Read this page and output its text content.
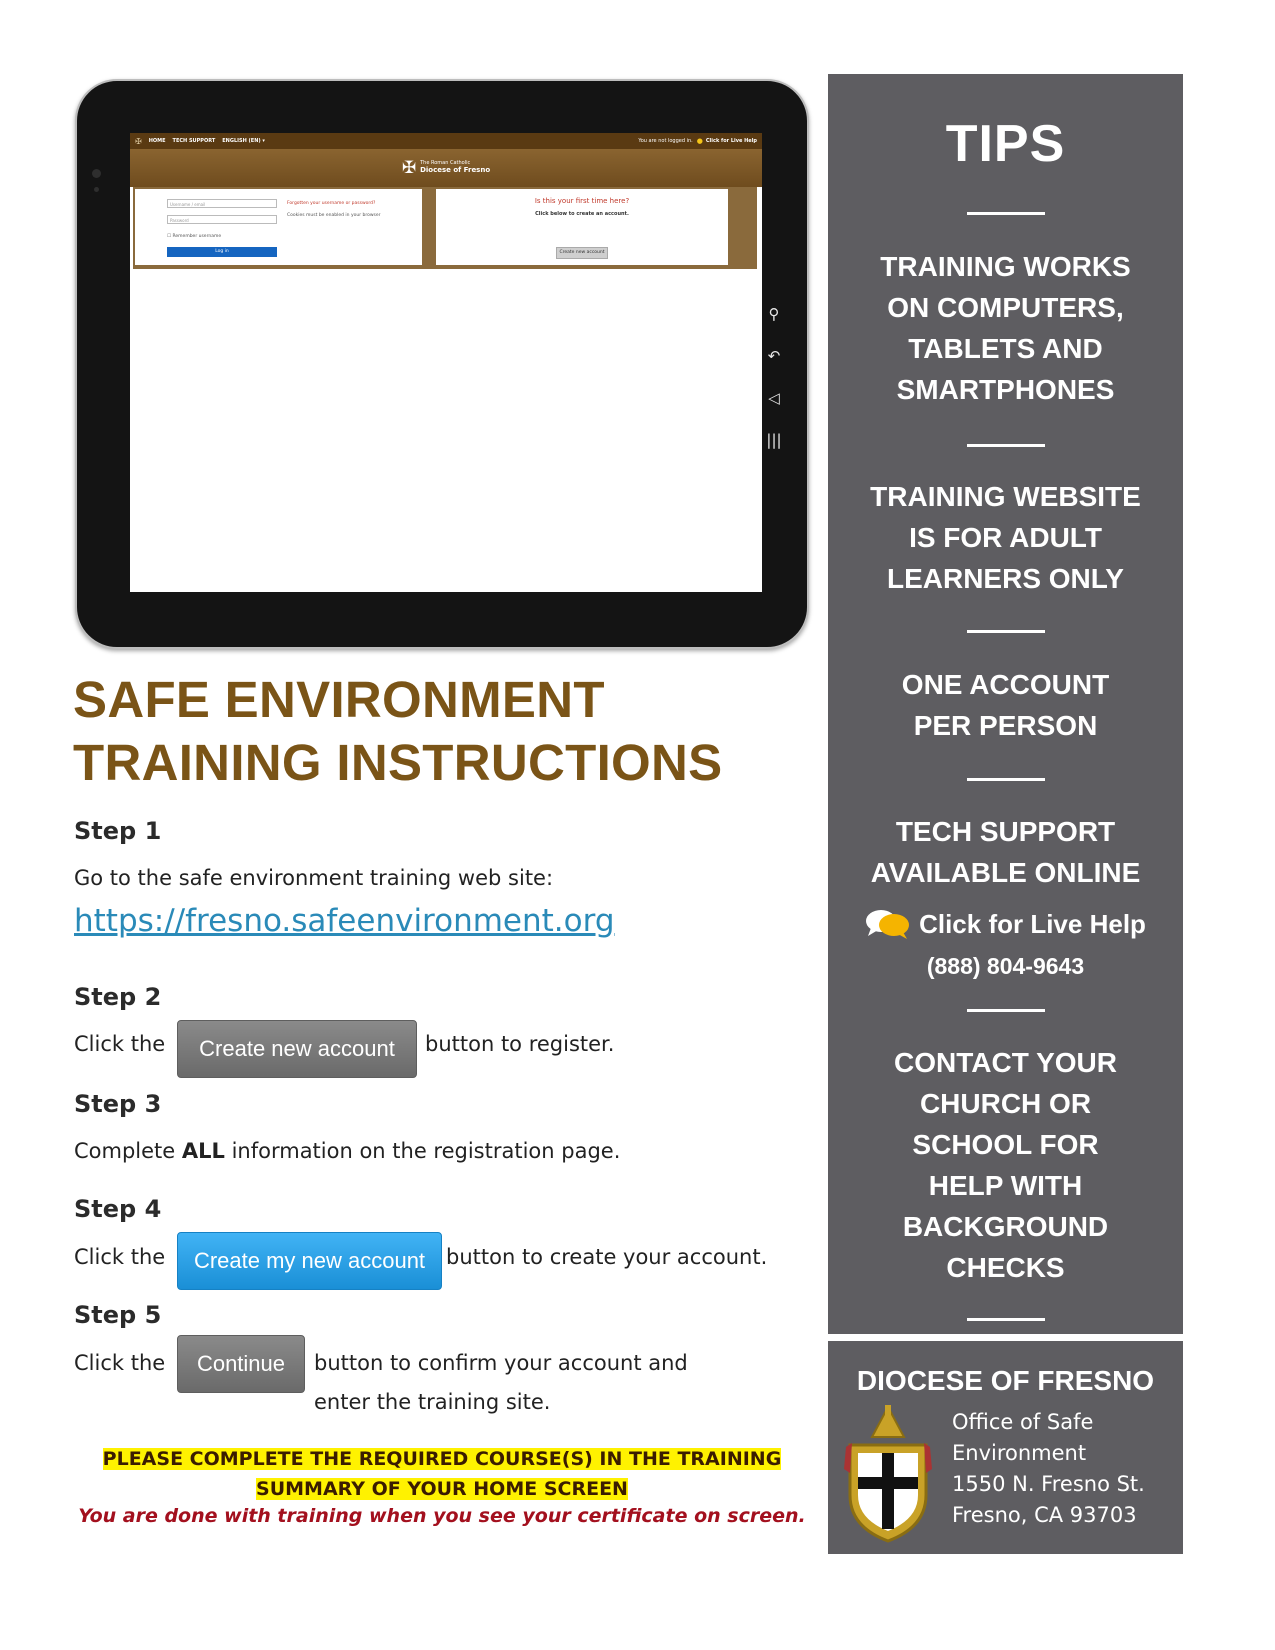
✠ HOME TECH SUPPORT ENGLISH (EN) ▾	You are not logged in. ● Click for Live Help
✠ The Roman Catholic
Diocese of Fresno
Username / email
Password
Forgotten your username or password?
Cookies must be enabled in your browser
☐ Remember username
Log in
Is this your first time here?
Click below to create an account.
Create new account
⚲
↶
◁
|||
SAFE ENVIRONMENT
TRAINING INSTRUCTIONS
Step 1
Go to the safe environment training web site:
https://fresno.safeenvironment.org
Step 2
Click the	Create new account	button to register.
Step 3
Complete ALL information on the registration page.
Step 4
Click the	Create my new account button to create your account.
Step 5
Click the	Continue	button to confirm your account and
enter the training site.
PLEASE COMPLETE THE REQUIRED COURSE(S) IN THE TRAINING
SUMMARY OF YOUR HOME SCREEN
You are done with training when you see your certificate on screen.
TIPS
TRAINING WORKS
ON COMPUTERS,
TABLETS AND
SMARTPHONES
TRAINING WEBSITE
IS FOR ADULT
LEARNERS ONLY
ONE ACCOUNT
PER PERSON
TECH SUPPORT
AVAILABLE ONLINE
Click for Live Help
(888) 804-9643
CONTACT YOUR
CHURCH OR
SCHOOL FOR
HELP WITH
BACKGROUND
CHECKS
DIOCESE OF FRESNO
Office of Safe
Environment
1550 N. Fresno St.
Fresno, CA 93703
